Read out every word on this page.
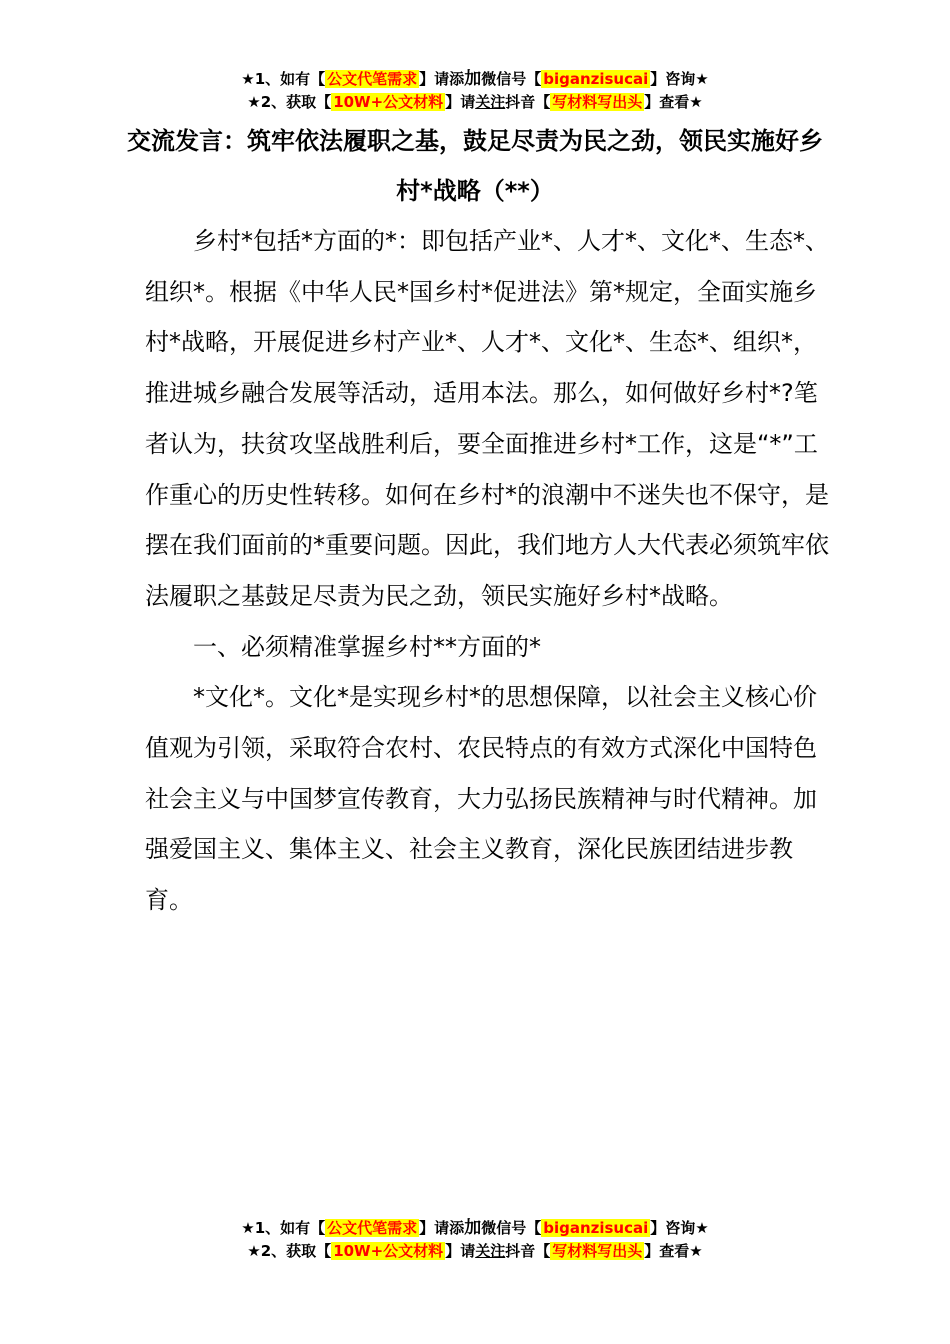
★1、如有【 公文代笔需求 】请添加微信号【 biganzisucai 】咨询★
★2、获取【 10W+公文材料 】请关注抖音【 写材料写出头 】查看★
交流发言：筑牢依法履职之基，鼓足尽责为民之劲，领民实施好乡村*战略（**）

乡村*包括*方面的*：即包括产业*、人才*、文化*、生态*、组织*。根据《中华人民*国乡村*促进法》第*规定，全面实施乡村*战略，开展促进乡村产业*、人才*、文化*、生态*、组织*，推进城乡融合发展等活动，适用本法。那么，如何做好乡村*?笔者认为，扶贫攻坚战胜利后，要全面推进乡村*工作，这是“*”工作重心的历史性转移。如何在乡村*的浪潮中不迷失也不保守，是摆在我们面前的*重要问题。因此，我们地方人大代表必须筑牢依法履职之基鼓足尽责为民之劲，领民实施好乡村*战略。

一、必须精准掌握乡村**方面的*

*文化*。文化*是实现乡村*的思想保障，以社会主义核心价值观为引领，采取符合农村、农民特点的有效方式深化中国特色社会主义与中国梦宣传教育，大力弘扬民族精神与时代精神。加强爱国主义、集体主义、社会主义教育，深化民族团结进步教育。

★1、如有【 公文代笔需求 】请添加微信号【 biganzisucai 】咨询★
★2、获取【 10W+公文材料 】请关注抖音【 写材料写出头 】查看★
